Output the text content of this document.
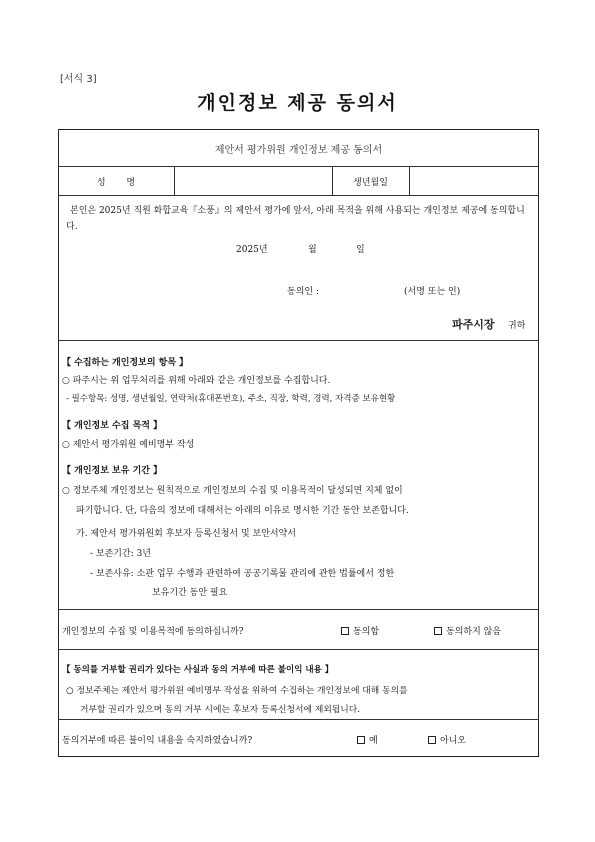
[서식 3]
개인정보 제공 동의서
제안서 평가위원 개인정보 제공 동의서
성 명	생년월일
본인은 2025년 직원 화합교육『소풍』의 제안서 평가에 앞서, 아래 목적을 위해 사용되는 개인정보 제공에 동의합니다.
2025년	월	일
동의인 :	(서명 또는 인)
파주시장 귀하
【 수집하는 개인정보의 항목 】
○ 파주시는 위 업무처리를 위해 아래와 같은 개인정보를 수집합니다.
- 필수항목: 성명, 생년월일, 연락처(휴대폰번호), 주소, 직장, 학력, 경력, 자격증 보유현황
【 개인정보 수집 목적 】
○ 제안서 평가위원 예비명부 작성
【 개인정보 보유 기간 】
○ 정보주체 개인정보는 원칙적으로 개인정보의 수집 및 이용목적이 달성되면 지체 없이
파기합니다. 단, 다음의 정보에 대해서는 아래의 이유로 명시한 기간 동안 보존합니다.
가. 제안서 평가위원회 후보자 등록신청서 및 보안서약서
- 보존기간: 3년
- 보존사유: 소관 업무 수행과 관련하여 공공기록물 관리에 관한 법률에서 정한
보유기간 동안 필요
개인정보의 수집 및 이용목적에 동의하십니까?	동의함	동의하지 않음
【 동의를 거부할 권리가 있다는 사실과 동의 거부에 따른 불이익 내용 】
○ 정보주체는 제안서 평가위원 예비명부 작성을 위하여 수집하는 개인정보에 대해 동의를
거부할 권리가 있으며 동의 거부 시에는 후보자 등록신청서에 제외됩니다.
동의거부에 따른 불이익 내용을 숙지하였습니까?	예	아니오
